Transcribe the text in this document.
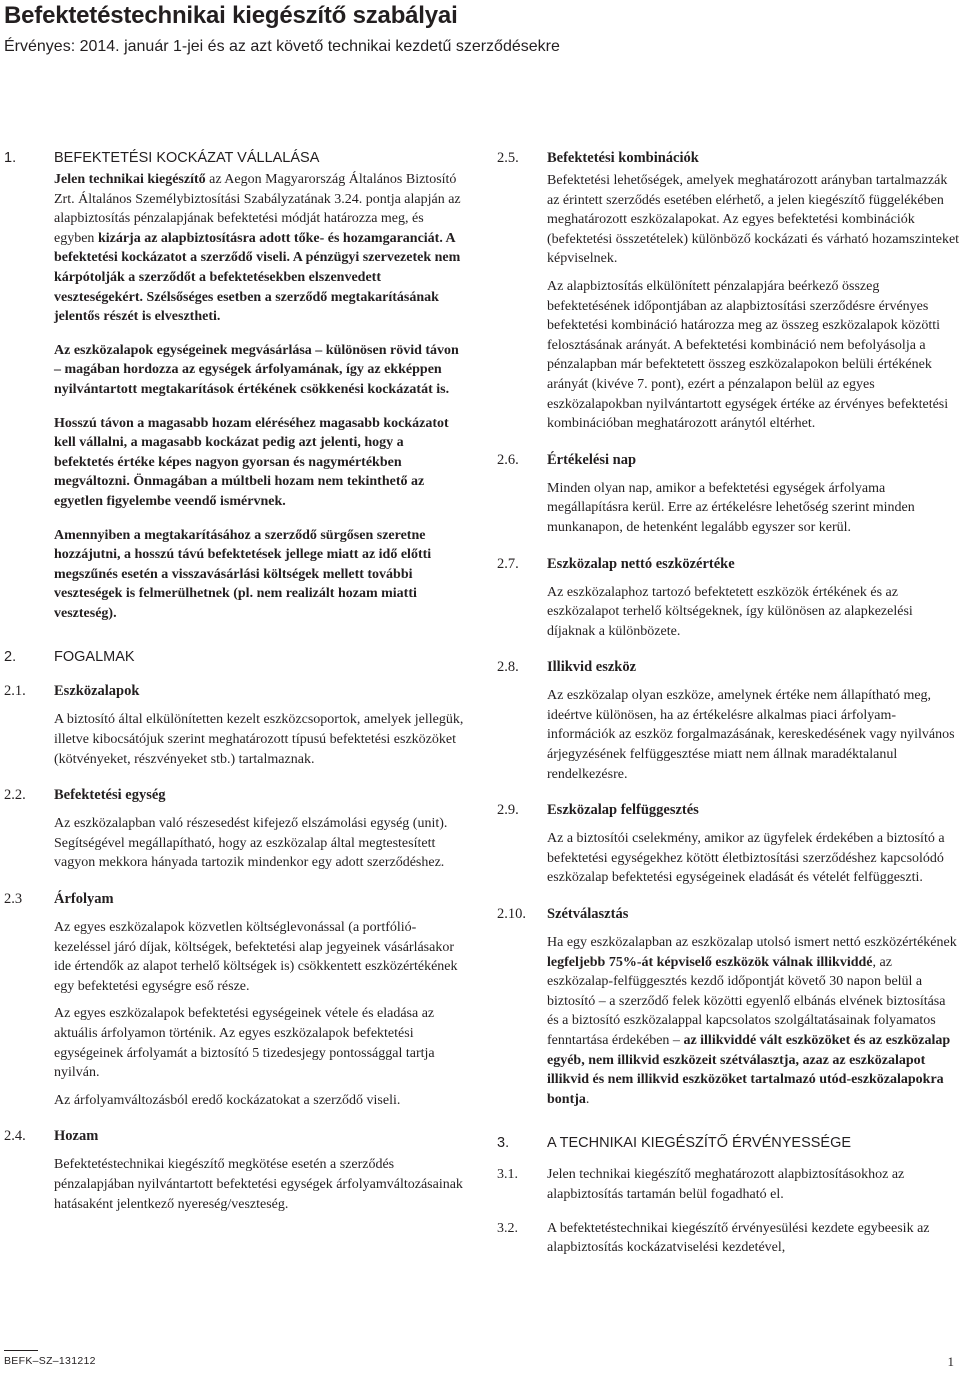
Befektetéstechnikai kiegészítő szabályai

Érvényes: 2014. január 1-jei és az azt követő technikai kezdetű szerződésekre

1.	BEFEKTETÉSI KOCKÁZAT VÁLLALÁSA

Jelen technikai kiegészítő az Aegon Magyarország Általános Biztosító Zrt. Általános Személybiztosítási Szabályzatának 3.24. pontja alapján az alapbiztosítás pénzalapjának befektetési módját határozza meg, és egyben kizárja az alapbiztosításra adott tőke- és hozamgaranciát. A befektetési kockázatot a szerződő viseli. A pénzügyi szervezetek nem kárpótolják a szerződőt a befektetésekben elszenvedett veszteségekért. Szélsőséges esetben a szerződő megtakarításának jelentős részét is elvesztheti.

Az eszközalapok egységeinek megvásárlása – különösen rövid távon – magában hordozza az egységek árfolyamának, így az ekképpen nyilvántartott megtakarítások értékének csökkenési kockázatát is.

Hosszú távon a magasabb hozam eléréséhez magasabb kockázatot kell vállalni, a magasabb kockázat pedig azt jelenti, hogy a befektetés értéke képes nagyon gyorsan és nagymértékben megváltozni. Önmagában a múltbeli hozam nem tekinthető az egyetlen figyelembe veendő ismérvnek.

Amennyiben a megtakarításához a szerződő sürgősen szeretne hozzájutni, a hosszú távú befektetések jellege miatt az idő előtti megszűnés esetén a visszavásárlási költségek mellett további veszteségek is felmerülhetnek (pl. nem realizált hozam miatti veszteség).

2.	FOGALMAK
2.1.	Eszközalapok

A biztosító által elkülönítetten kezelt eszközcsoportok, amelyek jellegük, illetve kibocsátójuk szerint meghatározott típusú befektetési eszközöket (kötvényeket, részvényeket stb.) tartalmaznak.

2.2.	Befektetési egység

Az eszközalapban való részesedést kifejező elszámolási egység (unit). Segítségével megállapítható, hogy az eszközalap által megtestesített vagyon mekkora hányada tartozik mindenkor egy adott szerződéshez.

2.3	Árfolyam

Az egyes eszközalapok közvetlen költséglevonással (a portfóliókezeléssel járó díjak, költségek, befektetési alap jegyeinek vásárlásakor ide értendők az alapot terhelő költségek is) csökkentett eszközértékének egy befektetési egységre eső része.

Az egyes eszközalapok befektetési egységeinek vétele és eladása az aktuális árfolyamon történik. Az egyes eszközalapok befektetési egységeinek árfolyamát a biztosító 5 tizedesjegy pontossággal tartja nyilván.

Az árfolyamváltozásból eredő kockázatokat a szerződő viseli.

2.4.	Hozam

Befektetéstechnikai kiegészítő megkötése esetén a szerződés pénzalapjában nyilvántartott befektetési egységek árfolyamváltozásainak hatásaként jelentkező nyereség/veszteség.

2.5.	Befektetési kombinációk

Befektetési lehetőségek, amelyek meghatározott arányban tartalmazzák az érintett szerződés esetében elérhető, a jelen kiegészítő függelékében meghatározott eszközalapokat. Az egyes befektetési kombinációk (befektetési összetételek) különböző kockázati és várható hozamszinteket képviselnek.

Az alapbiztosítás elkülönített pénzalapjára beérkező összeg befektetésének időpontjában az alapbiztosítási szerződésre érvényes befektetési kombináció határozza meg az összeg eszközalapok közötti felosztásának arányát. A befektetési kombináció nem befolyásolja a pénzalapban már befektetett összeg eszközalapokon belüli értékének arányát (kivéve 7. pont), ezért a pénzalapon belül az egyes eszközalapokban nyilvántartott egységek értéke az érvényes befektetési kombinációban meghatározott aránytól eltérhet.

2.6.	Értékelési nap

Minden olyan nap, amikor a befektetési egységek árfolyama megállapításra kerül. Erre az értékelésre lehetőség szerint minden munkanapon, de hetenként legalább egyszer sor kerül.

2.7.	Eszközalap nettó eszközértéke

Az eszközalaphoz tartozó befektetett eszközök értékének és az eszközalapot terhelő költségeknek, így különösen az alapkezelési díjaknak a különbözete.

2.8.	Illikvid eszköz

Az eszközalap olyan eszköze, amelynek értéke nem állapítható meg, ideértve különösen, ha az értékelésre alkalmas piaci árfolyam-információk az eszköz forgalmazásának, kereskedésének vagy nyilvános árjegyzésének felfüggesztése miatt nem állnak maradéktalanul rendelkezésre.

2.9.	Eszközalap felfüggesztés

Az a biztosítói cselekmény, amikor az ügyfelek érdekében a biztosító a befektetési egységekhez kötött életbiztosítási szerződéshez kapcsolódó eszközalap befektetési egységeinek eladását és vételét felfüggeszti.

2.10.	Szétválasztás

Ha egy eszközalapban az eszközalap utolsó ismert nettó eszközértékének legfeljebb 75%-át képviselő eszközök válnak illikviddé, az eszközalap-felfüggesztés kezdő időpontját követő 30 napon belül a biztosító – a szerződő felek közötti egyenlő elbánás elvének biztosítása és a biztosító eszközalappal kapcsolatos szolgáltatásainak folyamatos fenntartása érdekében – az illikviddé vált eszközöket és az eszközalap egyéb, nem illikvid eszközeit szétválasztja, azaz az eszközalapot illikvid és nem illikvid eszközöket tartalmazó utód-eszközalapokra bontja.

3.	A TECHNIKAI KIEGÉSZÍTŐ ÉRVÉNYESSÉGE
3.1.	Jelen technikai kiegészítő meghatározott alapbiztosításokhoz az alapbiztosítás tartamán belül fogadható el.
3.2.	A befektetéstechnikai kiegészítő érvényesülési kezdete egybeesik az alapbiztosítás kockázatviselési kezdetével,
BEFK–SZ–131212	1
